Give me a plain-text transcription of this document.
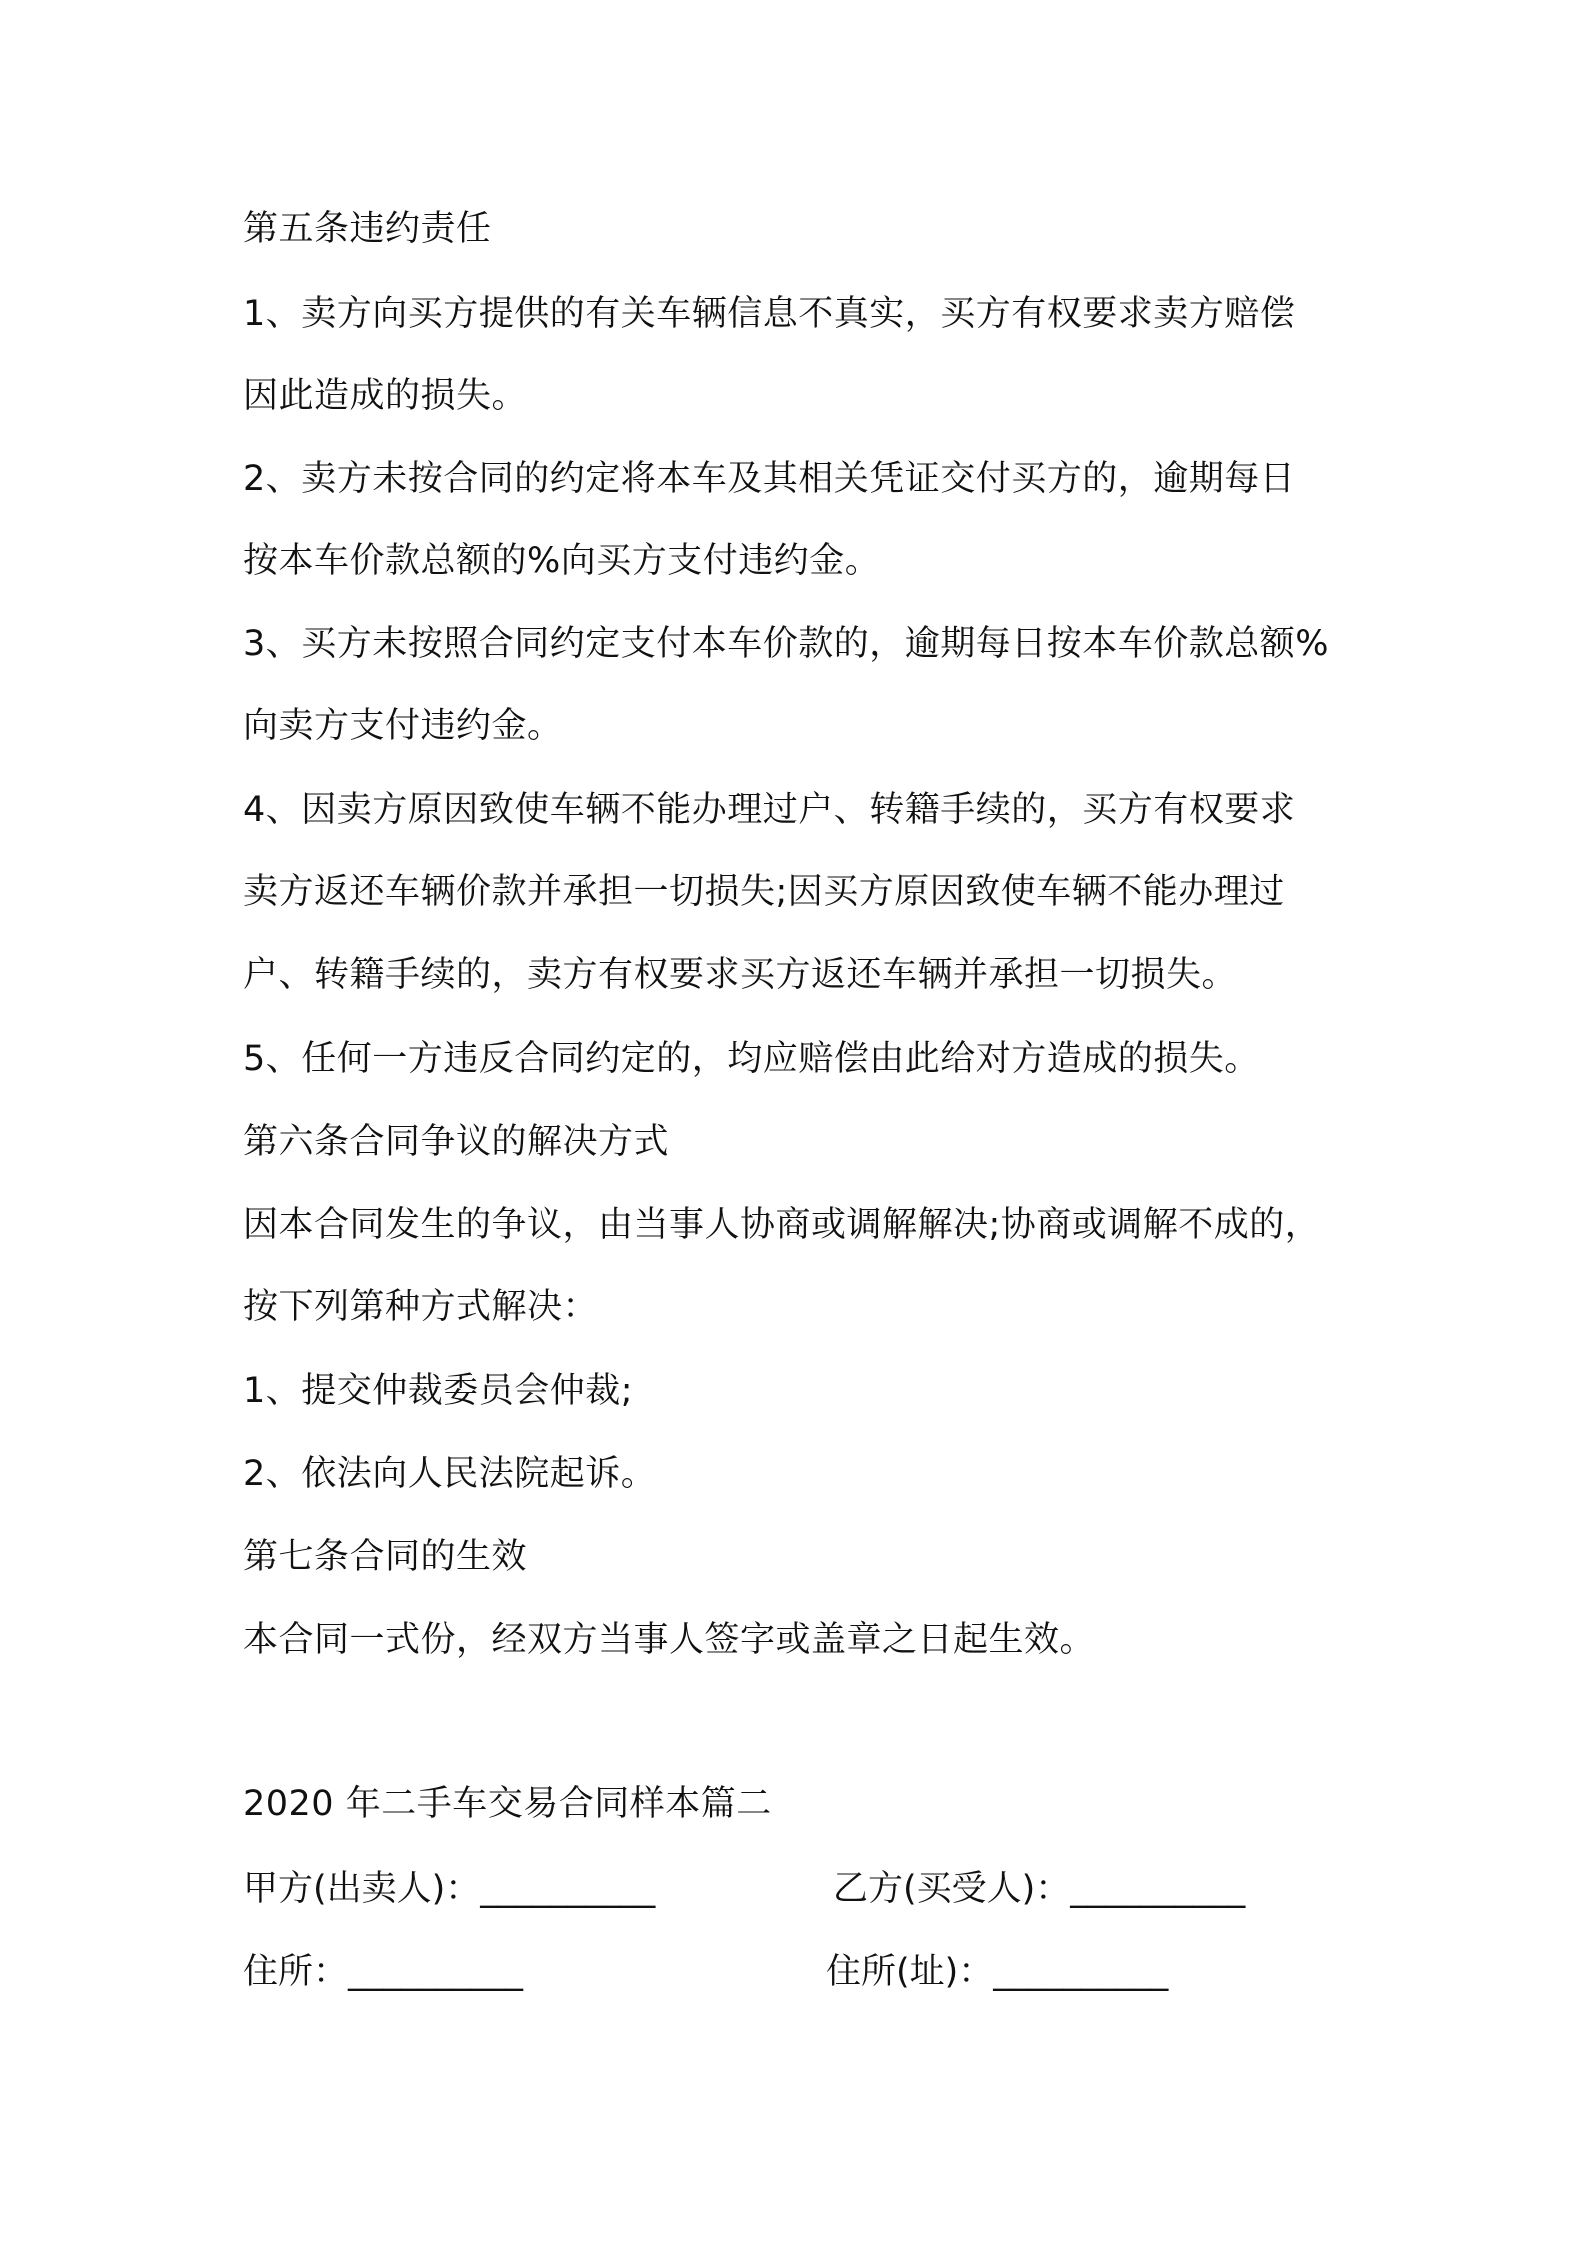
第五条违约责任
1、卖方向买方提供的有关车辆信息不真实，买方有权要求卖方赔偿
因此造成的损失。
2、卖方未按合同的约定将本车及其相关凭证交付买方的，逾期每日
按本车价款总额的%向买方支付违约金。
3、买方未按照合同约定支付本车价款的，逾期每日按本车价款总额%
向卖方支付违约金。
4、因卖方原因致使车辆不能办理过户、转籍手续的，买方有权要求
卖方返还车辆价款并承担一切损失;因买方原因致使车辆不能办理过
户、转籍手续的，卖方有权要求买方返还车辆并承担一切损失。
5、任何一方违反合同约定的，均应赔偿由此给对方造成的损失。
第六条合同争议的解决方式
因本合同发生的争议，由当事人协商或调解解决;协商或调解不成的，
按下列第种方式解决：
1、提交仲裁委员会仲裁;
2、依法向人民法院起诉。
第七条合同的生效
本合同一式份，经双方当事人签字或盖章之日起生效。
2020 年二手车交易合同样本篇二
甲方(出卖人)：__________	乙方(买受人)：__________
住所：__________	住所(址)：__________
